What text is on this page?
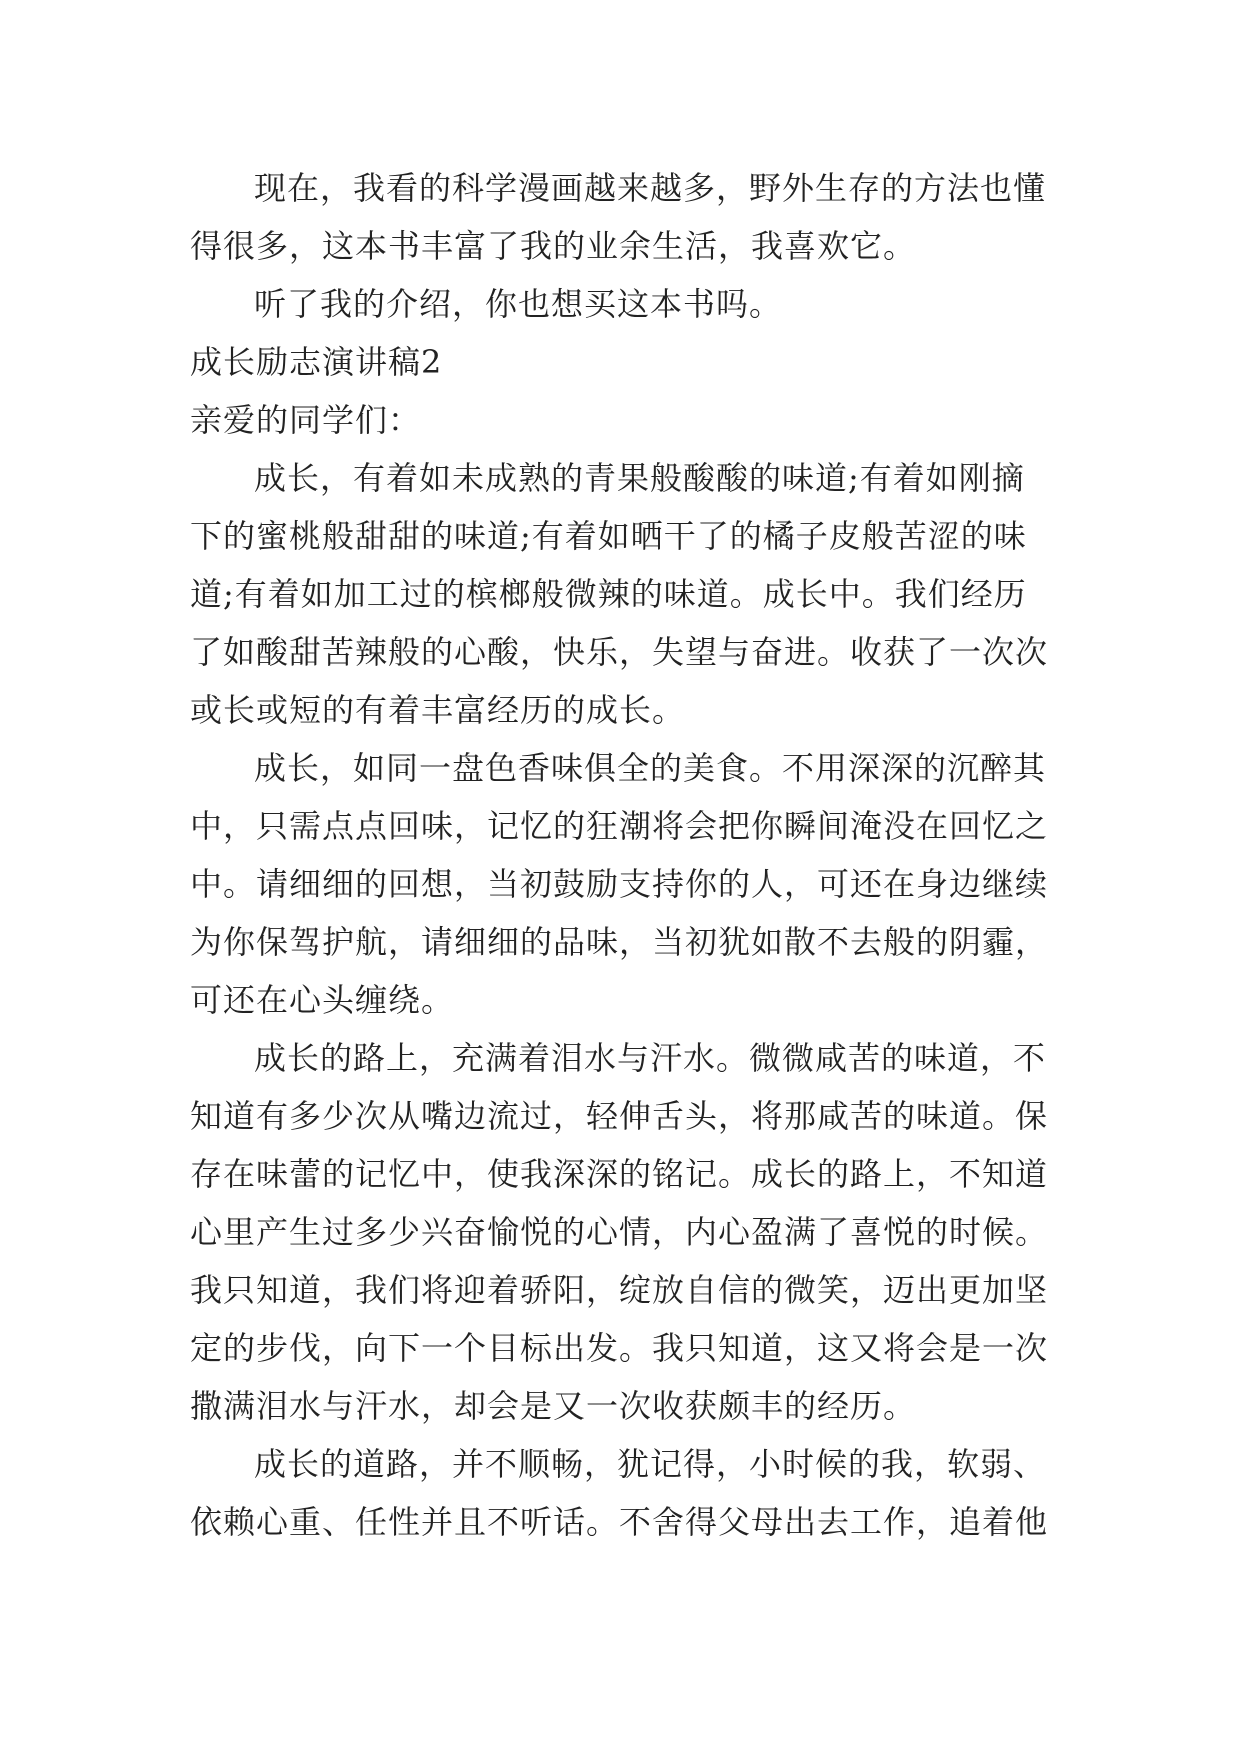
现在，我看的科学漫画越来越多，野外生存的方法也懂
得很多，这本书丰富了我的业余生活，我喜欢它。
听了我的介绍，你也想买这本书吗。
成长励志演讲稿2
亲爱的同学们：
成长，有着如未成熟的青果般酸酸的味道;有着如刚摘
下的蜜桃般甜甜的味道;有着如晒干了的橘子皮般苦涩的味
道;有着如加工过的槟榔般微辣的味道。成长中。我们经历
了如酸甜苦辣般的心酸，快乐，失望与奋进。收获了一次次
或长或短的有着丰富经历的成长。
成长，如同一盘色香味俱全的美食。不用深深的沉醉其
中，只需点点回味，记忆的狂潮将会把你瞬间淹没在回忆之
中。请细细的回想，当初鼓励支持你的人，可还在身边继续
为你保驾护航，请细细的品味，当初犹如散不去般的阴霾，
可还在心头缠绕。
成长的路上，充满着泪水与汗水。微微咸苦的味道，不
知道有多少次从嘴边流过，轻伸舌头，将那咸苦的味道。保
存在味蕾的记忆中，使我深深的铭记。成长的路上，不知道
心里产生过多少兴奋愉悦的心情，内心盈满了喜悦的时候。
我只知道，我们将迎着骄阳，绽放自信的微笑，迈出更加坚
定的步伐，向下一个目标出发。我只知道，这又将会是一次
撒满泪水与汗水，却会是又一次收获颇丰的经历。
成长的道路，并不顺畅，犹记得，小时候的我，软弱、
依赖心重、任性并且不听话。不舍得父母出去工作，追着他
